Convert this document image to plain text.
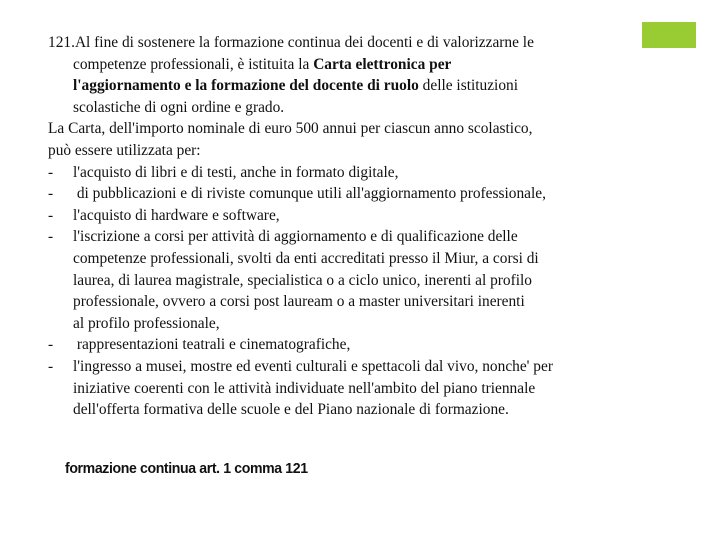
121.Al fine di sostenere la formazione continua dei docenti e di valorizzarne le
competenze professionali, è istituita la Carta elettronica per
l'aggiornamento e la formazione del docente di ruolo delle istituzioni
scolastiche di ogni ordine e grado.
La Carta, dell'importo nominale di euro 500 annui per ciascun anno scolastico,
può essere utilizzata per:
- l'acquisto di libri e di testi, anche in formato digitale,
- di pubblicazioni e di riviste comunque utili all'aggiornamento professionale,
- l'acquisto di hardware e software,
- l'iscrizione a corsi per attività di aggiornamento e di qualificazione delle
competenze professionali, svolti da enti accreditati presso il Miur, a corsi di
laurea, di laurea magistrale, specialistica o a ciclo unico, inerenti al profilo
professionale, ovvero a corsi post lauream o a master universitari inerenti
al profilo professionale,
- rappresentazioni teatrali e cinematografiche,
- l'ingresso a musei, mostre ed eventi culturali e spettacoli dal vivo, nonche' per
iniziative coerenti con le attività individuate nell'ambito del piano triennale
dell'offerta formativa delle scuole e del Piano nazionale di formazione.
formazione continua art. 1 comma 121
